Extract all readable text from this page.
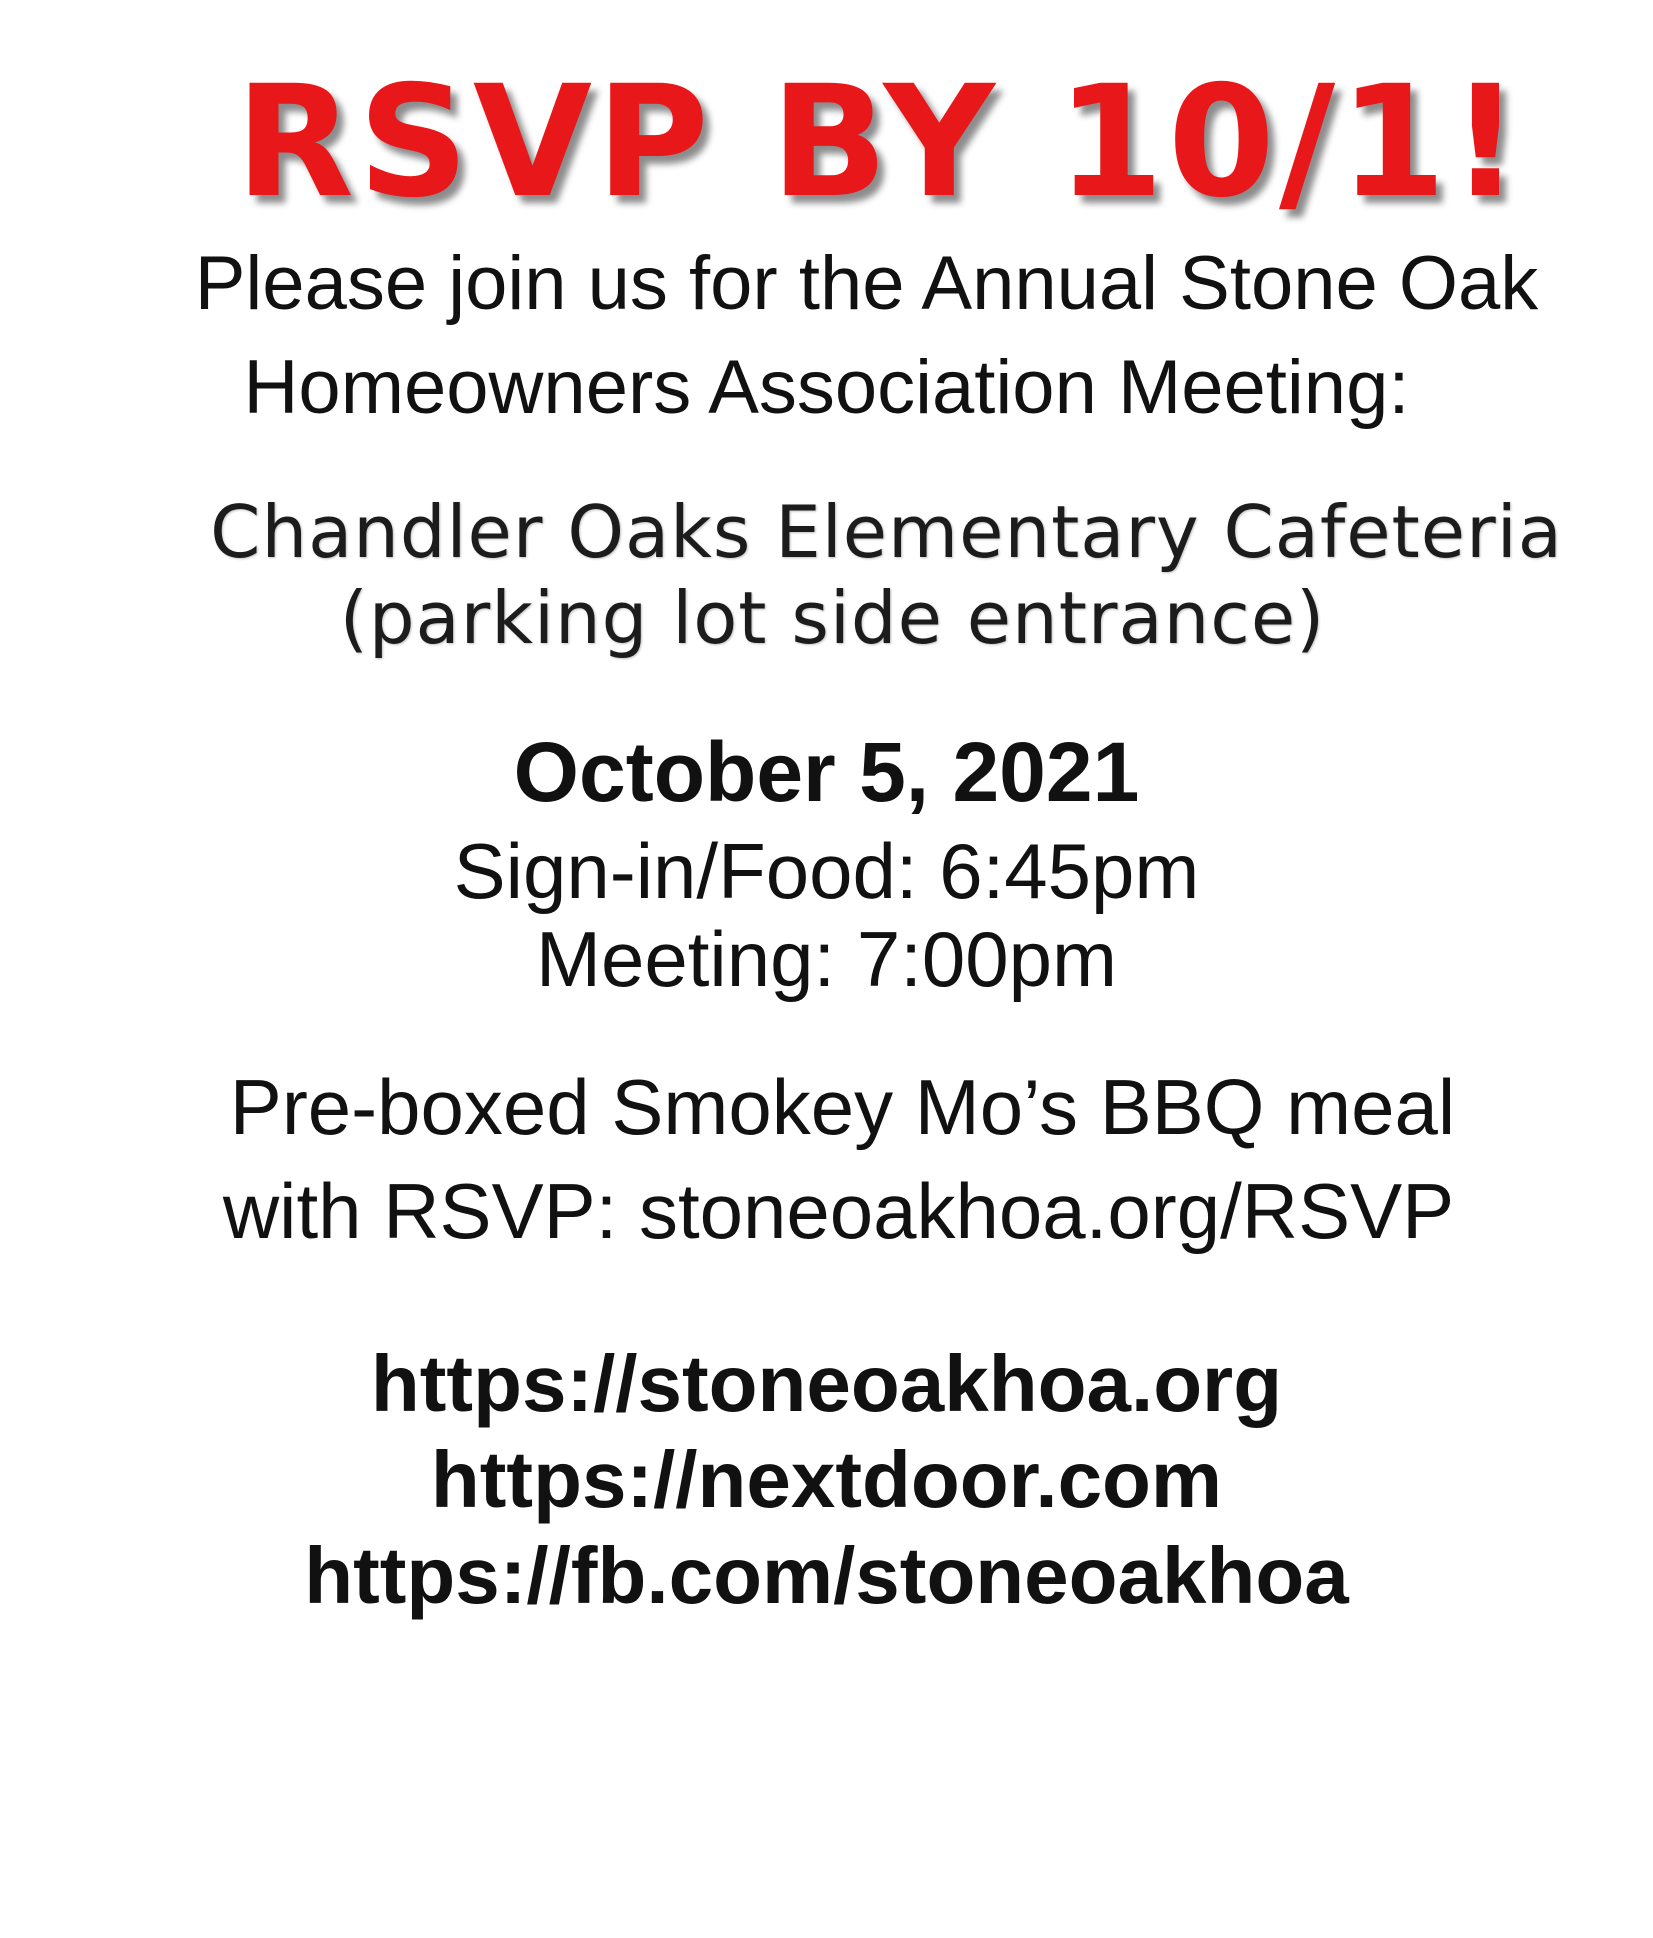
RSVP BY 10/1!
Please join us for the Annual Stone Oak
Homeowners Association Meeting:
Chandler Oaks Elementary Cafeteria
(parking lot side entrance)
October 5, 2021
Sign-in/Food: 6:45pm
Meeting: 7:00pm
Pre-boxed Smokey Mo’s BBQ meal
with RSVP: stoneoakhoa.org/RSVP
https://stoneoakhoa.org
https://nextdoor.com
https://fb.com/stoneoakhoa
